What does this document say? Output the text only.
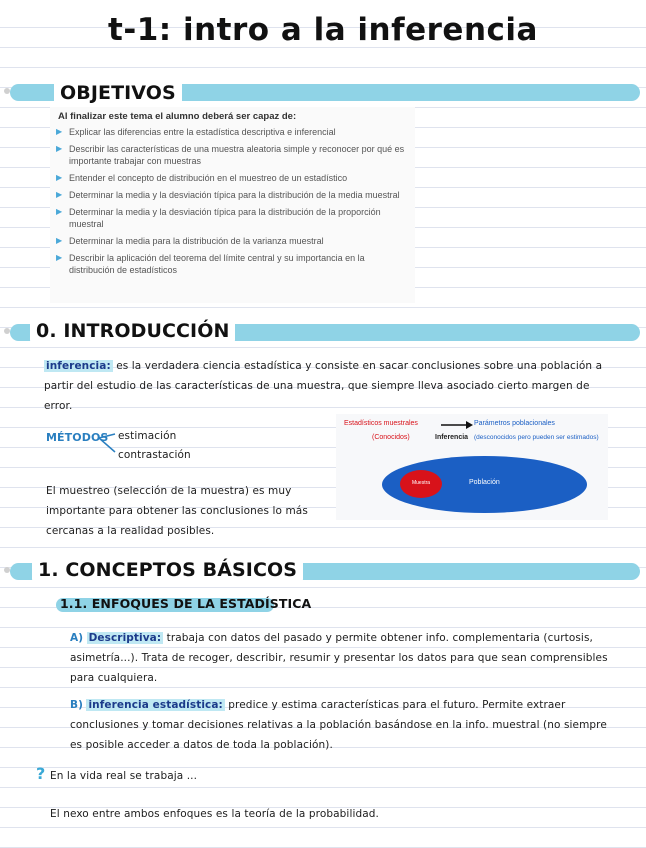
t-1: intro a la inferencia
OBJETIVOS
Al finalizar este tema el alumno deberá ser capaz de:
▶ Explicar las diferencias entre la estadística descriptiva e inferencial
▶ Describir las características de una muestra aleatoria simple y reconocer por qué es importante trabajar con muestras
▶ Entender el concepto de distribución en el muestreo de un estadístico
▶ Determinar la media y la desviación típica para la distribución de la media muestral
▶ Determinar la media y la desviación típica para la distribución de la proporción muestral
▶ Determinar la media para la distribución de la varianza muestral
▶ Describir la aplicación del teorema del límite central y su importancia en la distribución de estadísticos
0. INTRODUCCIÓN
inferencia: es la verdadera ciencia estadística y consiste en sacar conclusiones sobre una población a partir del estudio de las características de una muestra, que siempre lleva asociado cierto margen de error.
MÉTODOS estimación
contrastación
El muestreo (selección de la muestra) es muy importante para obtener las conclusiones lo más cercanas a la realidad posibles.
Estadísticos muestrales
(Conocidos)	Inferencia
Parámetros poblacionales
(desconocidos pero pueden ser estimados)
Muestra	Población
1. CONCEPTOS BÁSICOS
1.1. ENFOQUES DE LA ESTADÍSTICA
A) Descriptiva: trabaja con datos del pasado y permite obtener info. complementaria (curtosis, asimetría...). Trata de recoger, describir, resumir y presentar los datos para que sean comprensibles para cualquiera.
B) inferencia estadística: predice y estima características para el futuro. Permite extraer conclusiones y tomar decisiones relativas a la población basándose en la info. muestral (no siempre es posible acceder a datos de toda la población).
? En la vida real se trabaja ...
El nexo entre ambos enfoques es la teoría de la probabilidad.
